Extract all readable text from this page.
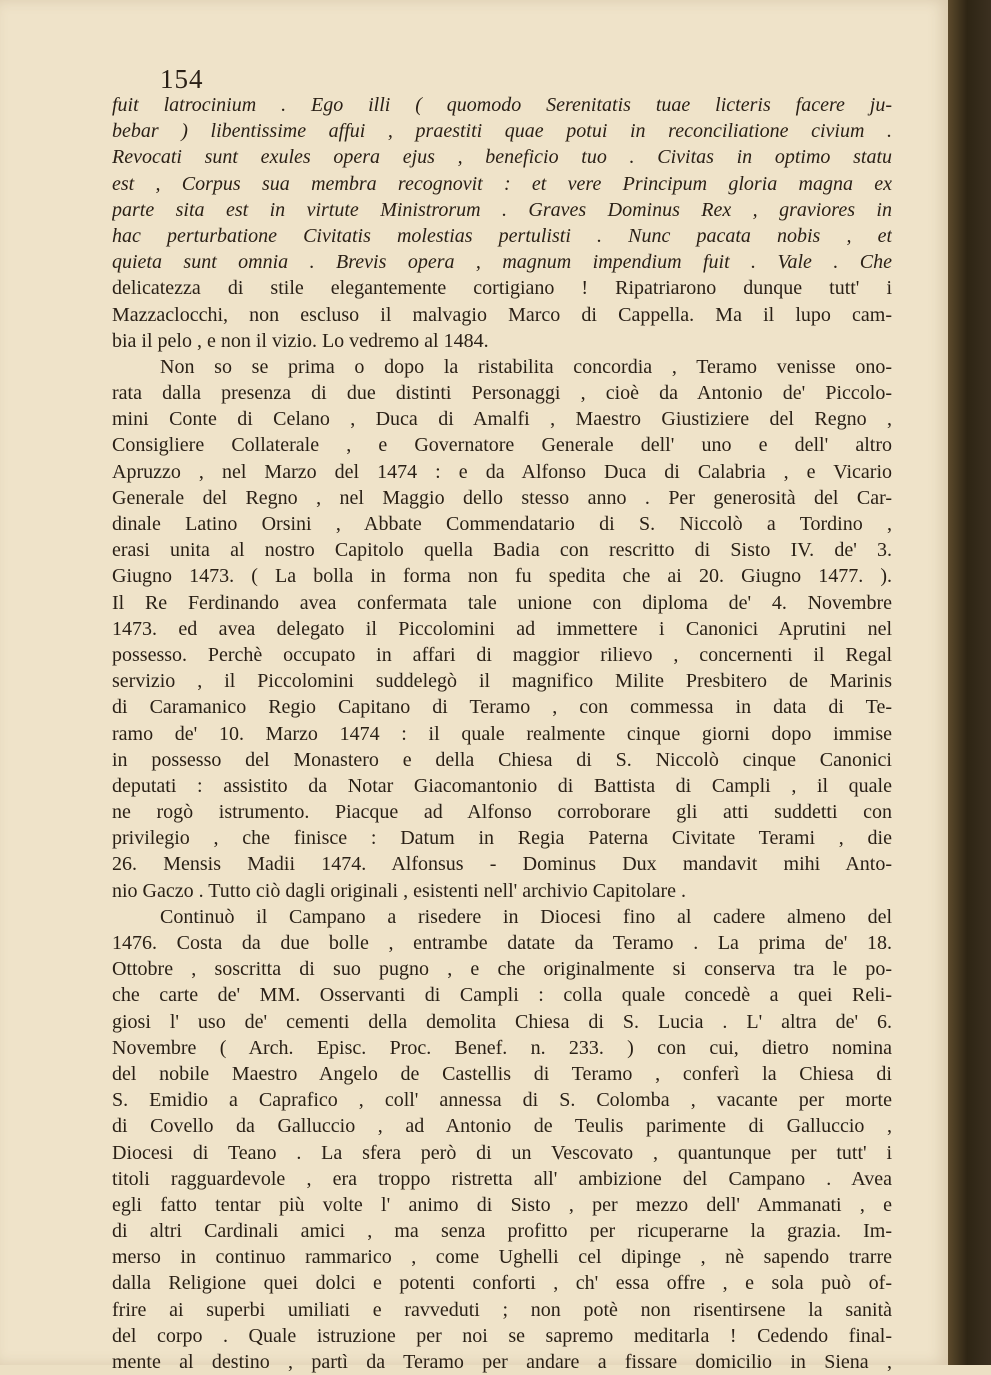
154
fuit latrocinium . Ego illi ( quomodo Serenitatis tuae licteris facere ju-
bebar ) libentissime affui , praestiti quae potui in reconciliatione civium .
Revocati sunt exules opera ejus , beneficio tuo . Civitas in optimo statu
est , Corpus sua membra recognovit : et vere Principum gloria magna ex
parte sita est in virtute Ministrorum . Graves Dominus Rex , graviores in
hac perturbatione Civitatis molestias pertulisti . Nunc pacata nobis , et
quieta sunt omnia . Brevis opera , magnum impendium fuit . Vale . Che
delicatezza di stile elegantemente cortigiano ! Ripatriarono dunque tutt' i
Mazzaclocchi, non escluso il malvagio Marco di Cappella. Ma il lupo cam-
bia il pelo , e non il vizio. Lo vedremo al 1484.
Non so se prima o dopo la ristabilita concordia , Teramo venisse ono-
rata dalla presenza di due distinti Personaggi , cioè da Antonio de' Piccolo-
mini Conte di Celano , Duca di Amalfi , Maestro Giustiziere del Regno ,
Consigliere Collaterale , e Governatore Generale dell' uno e dell' altro
Apruzzo , nel Marzo del 1474 : e da Alfonso Duca di Calabria , e Vicario
Generale del Regno , nel Maggio dello stesso anno . Per generosità del Car-
dinale Latino Orsini , Abbate Commendatario di S. Niccolò a Tordino ,
erasi unita al nostro Capitolo quella Badia con rescritto di Sisto IV. de' 3.
Giugno 1473. ( La bolla in forma non fu spedita che ai 20. Giugno 1477. ).
Il Re Ferdinando avea confermata tale unione con diploma de' 4. Novembre
1473. ed avea delegato il Piccolomini ad immettere i Canonici Aprutini nel
possesso. Perchè occupato in affari di maggior rilievo , concernenti il Regal
servizio , il Piccolomini suddelegò il magnifico Milite Presbitero de Marinis
di Caramanico Regio Capitano di Teramo , con commessa in data di Te-
ramo de' 10. Marzo 1474 : il quale realmente cinque giorni dopo immise
in possesso del Monastero e della Chiesa di S. Niccolò cinque Canonici
deputati : assistito da Notar Giacomantonio di Battista di Campli , il quale
ne rogò istrumento. Piacque ad Alfonso corroborare gli atti suddetti con
privilegio , che finisce : Datum in Regia Paterna Civitate Terami , die
26. Mensis Madii 1474. Alfonsus - Dominus Dux mandavit mihi Anto-
nio Gaczo . Tutto ciò dagli originali , esistenti nell' archivio Capitolare .
Continuò il Campano a risedere in Diocesi fino al cadere almeno del
1476. Costa da due bolle , entrambe datate da Teramo . La prima de' 18.
Ottobre , soscritta di suo pugno , e che originalmente si conserva tra le po-
che carte de' MM. Osservanti di Campli : colla quale concedè a quei Reli-
giosi l' uso de' cementi della demolita Chiesa di S. Lucia . L' altra de' 6.
Novembre ( Arch. Episc. Proc. Benef. n. 233. ) con cui, dietro nomina
del nobile Maestro Angelo de Castellis di Teramo , conferì la Chiesa di
S. Emidio a Caprafico , coll' annessa di S. Colomba , vacante per morte
di Covello da Galluccio , ad Antonio de Teulis parimente di Galluccio ,
Diocesi di Teano . La sfera però di un Vescovato , quantunque per tutt' i
titoli ragguardevole , era troppo ristretta all' ambizione del Campano . Avea
egli fatto tentar più volte l' animo di Sisto , per mezzo dell' Ammanati , e
di altri Cardinali amici , ma senza profitto per ricuperarne la grazia. Im-
merso in continuo rammarico , come Ughelli cel dipinge , nè sapendo trarre
dalla Religione quei dolci e potenti conforti , ch' essa offre , e sola può of-
frire ai superbi umiliati e ravveduti ; non potè non risentirsene la sanità
del corpo . Quale istruzione per noi se sapremo meditarla ! Cedendo final-
mente al destino , partì da Teramo per andare a fissare domicilio in Siena ,
